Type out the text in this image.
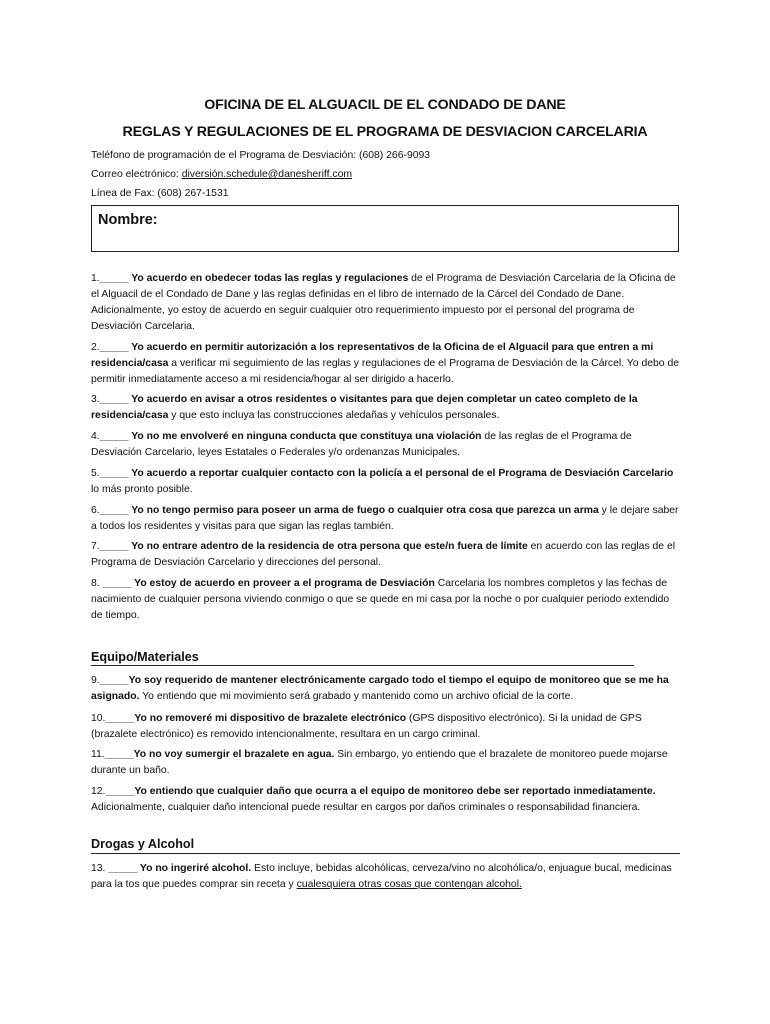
OFICINA DE EL ALGUACIL DE EL CONDADO DE DANE
REGLAS Y REGULACIONES DE EL PROGRAMA DE DESVIACION CARCELARIA
Teléfono de programación de el Programa de Desviación: (608) 266-9093
Correo electrónico: diversión.schedule@danesheriff.com
Línea de Fax: (608) 267-1531
Nombre:
1._____ Yo acuerdo en obedecer todas las reglas y regulaciones de el Programa de Desviación Carcelaria de la Oficina de el Alguacil de el Condado de Dane y las reglas definidas en el libro de internado de la Cárcel del Condado de Dane. Adicionalmente, yo estoy de acuerdo en seguir cualquier otro requerimiento impuesto por el personal del programa de Desviación Carcelaria.
2._____ Yo acuerdo en permitir autorización a los representativos de la Oficina de el Alguacil para que entren a mi residencia/casa a verificar mi seguimiento de las reglas y regulaciones de el Programa de Desviación de la Cárcel. Yo debo de permitir inmediatamente acceso a mi residencia/hogar al ser dirigido a hacerlo.
3._____ Yo acuerdo en avisar a otros residentes o visitantes para que dejen completar un cateo completo de la residencia/casa y que esto incluya las construcciones aledañas y vehículos personales.
4._____ Yo no me envolveré en ninguna conducta que constituya una violación de las reglas de el Programa de Desviación Carcelario, leyes Estatales o Federales y/o ordenanzas Municipales.
5._____ Yo acuerdo a reportar cualquier contacto con la policía a el personal de el Programa de Desviación Carcelario lo más pronto posible.
6._____ Yo no tengo permiso para poseer un arma de fuego o cualquier otra cosa que parezca un arma y le dejare saber a todos los residentes y visitas para que sigan las reglas también.
7._____ Yo no entrare adentro de la residencia de otra persona que este/n fuera de límite en acuerdo con las reglas de el Programa de Desviación Carcelario y direcciones del personal.
8. _____ Yo estoy de acuerdo en proveer a el programa de Desviación Carcelaria los nombres completos y las fechas de nacimiento de cualquier persona viviendo conmigo o que se quede en mi casa por la noche o por cualquier periodo extendido de tiempo.
Equipo/Materiales
9._____Yo soy requerido de mantener electrónicamente cargado todo el tiempo el equipo de monitoreo que se me ha asignado. Yo entiendo que mi movimiento será grabado y mantenido como un archivo oficial de la corte.
10._____Yo no removeré mi dispositivo de brazalete electrónico (GPS dispositivo electrónico). Si la unidad de GPS (brazalete electrónico) es removido intencionalmente, resultara en un cargo criminal.
11._____Yo no voy sumergir el brazalete en agua. Sin embargo, yo entiendo que el brazalete de monitoreo puede mojarse durante un baño.
12._____Yo entiendo que cualquier daño que ocurra a el equipo de monitoreo debe ser reportado inmediatamente. Adicionalmente, cualquier daño intencional puede resultar en cargos por daños criminales o responsabilidad financiera.
Drogas y Alcohol
13. _____ Yo no ingeriré alcohol. Esto incluye, bebidas alcohólicas, cerveza/vino no alcohólica/o, enjuague bucal, medicinas para la tos que puedes comprar sin receta y cualesquiera otras cosas que contengan alcohol.
